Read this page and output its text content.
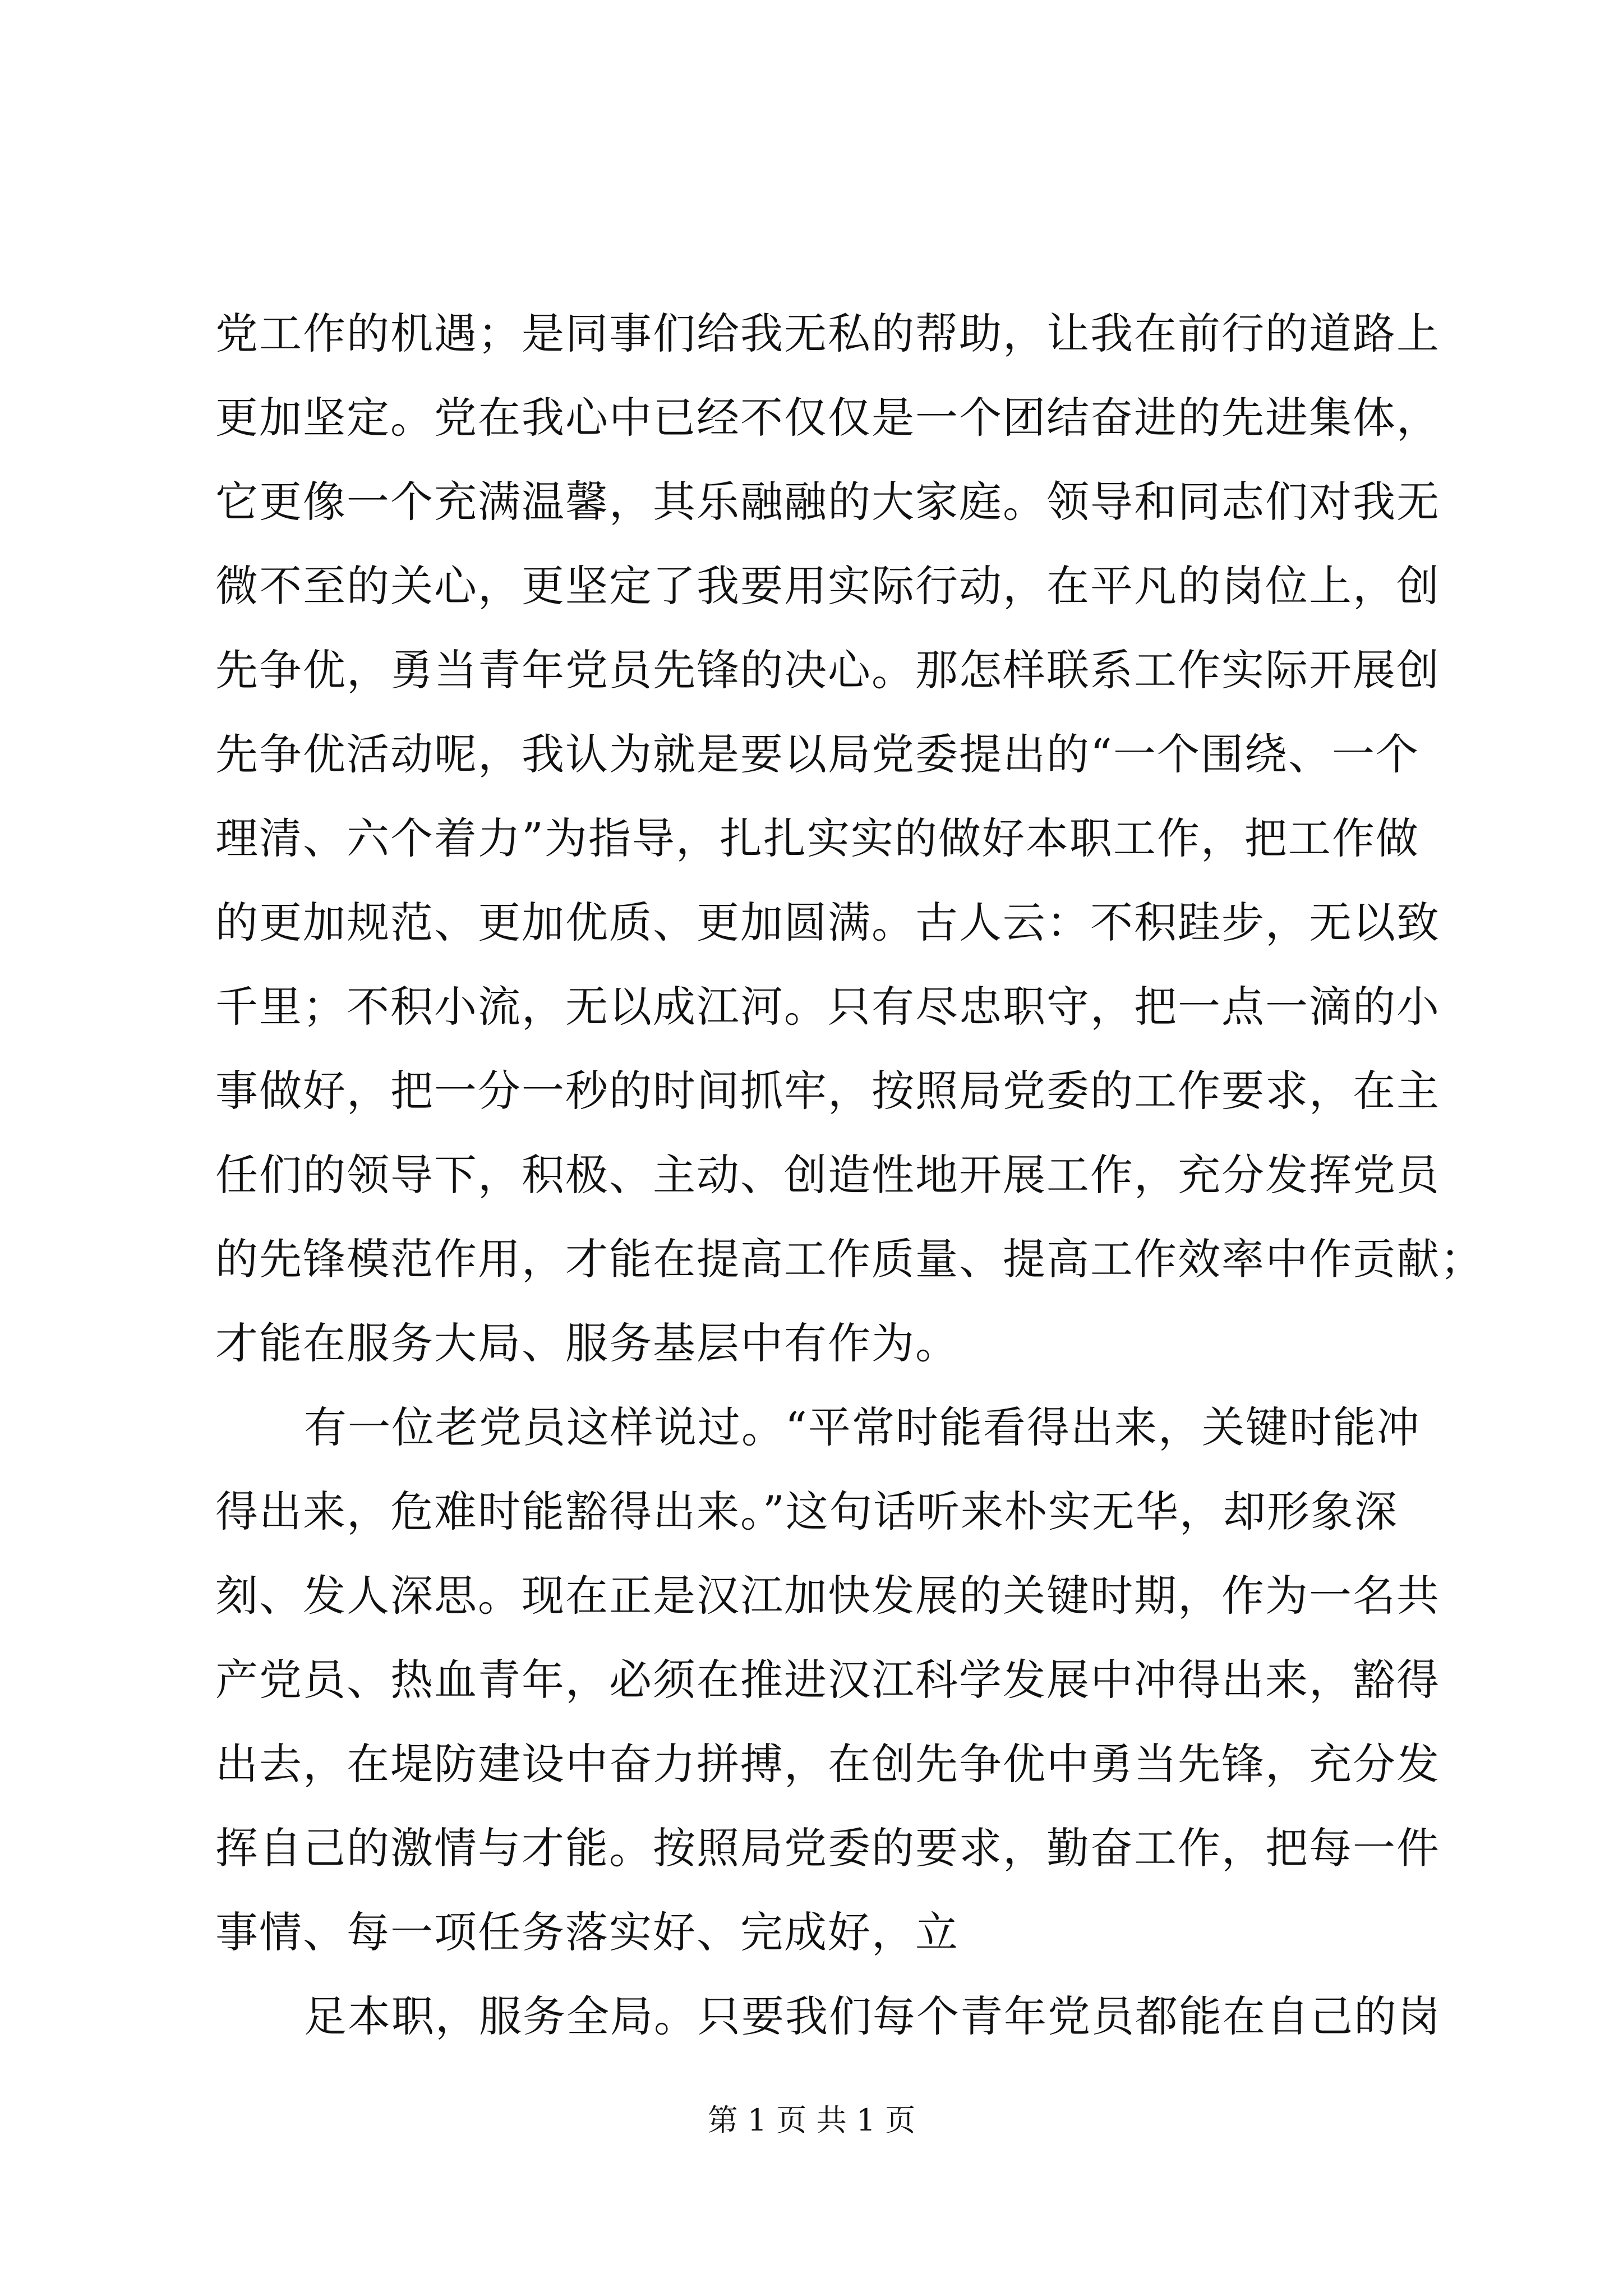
党工作的机遇；是同事们给我无私的帮助，让我在前行的道路上
更加坚定。党在我心中已经不仅仅是一个团结奋进的先进集体，
它更像一个充满温馨，其乐融融的大家庭。领导和同志们对我无
微不至的关心，更坚定了我要用实际行动，在平凡的岗位上，创
先争优，勇当青年党员先锋的决心。那怎样联系工作实际开展创
先争优活动呢，我认为就是要以局党委提出的“一个围绕、一个
理清、六个着力”为指导，扎扎实实的做好本职工作，把工作做
的更加规范、更加优质、更加圆满。古人云：不积跬步，无以致
千里；不积小流，无以成江河。只有尽忠职守，把一点一滴的小
事做好，把一分一秒的时间抓牢，按照局党委的工作要求，在主
任们的领导下，积极、主动、创造性地开展工作，充分发挥党员
的先锋模范作用，才能在提高工作质量、提高工作效率中作贡献；
才能在服务大局、服务基层中有作为。
有一位老党员这样说过。“平常时能看得出来，关键时能冲
得出来，危难时能豁得出来。”这句话听来朴实无华，却形象深
刻、发人深思。现在正是汉江加快发展的关键时期，作为一名共
产党员、热血青年，必须在推进汉江科学发展中冲得出来，豁得
出去，在堤防建设中奋力拼搏，在创先争优中勇当先锋，充分发
挥自己的激情与才能。按照局党委的要求，勤奋工作，把每一件
事情、每一项任务落实好、完成好，立
足本职，服务全局。只要我们每个青年党员都能在自己的岗
第 1 页 共 1 页
